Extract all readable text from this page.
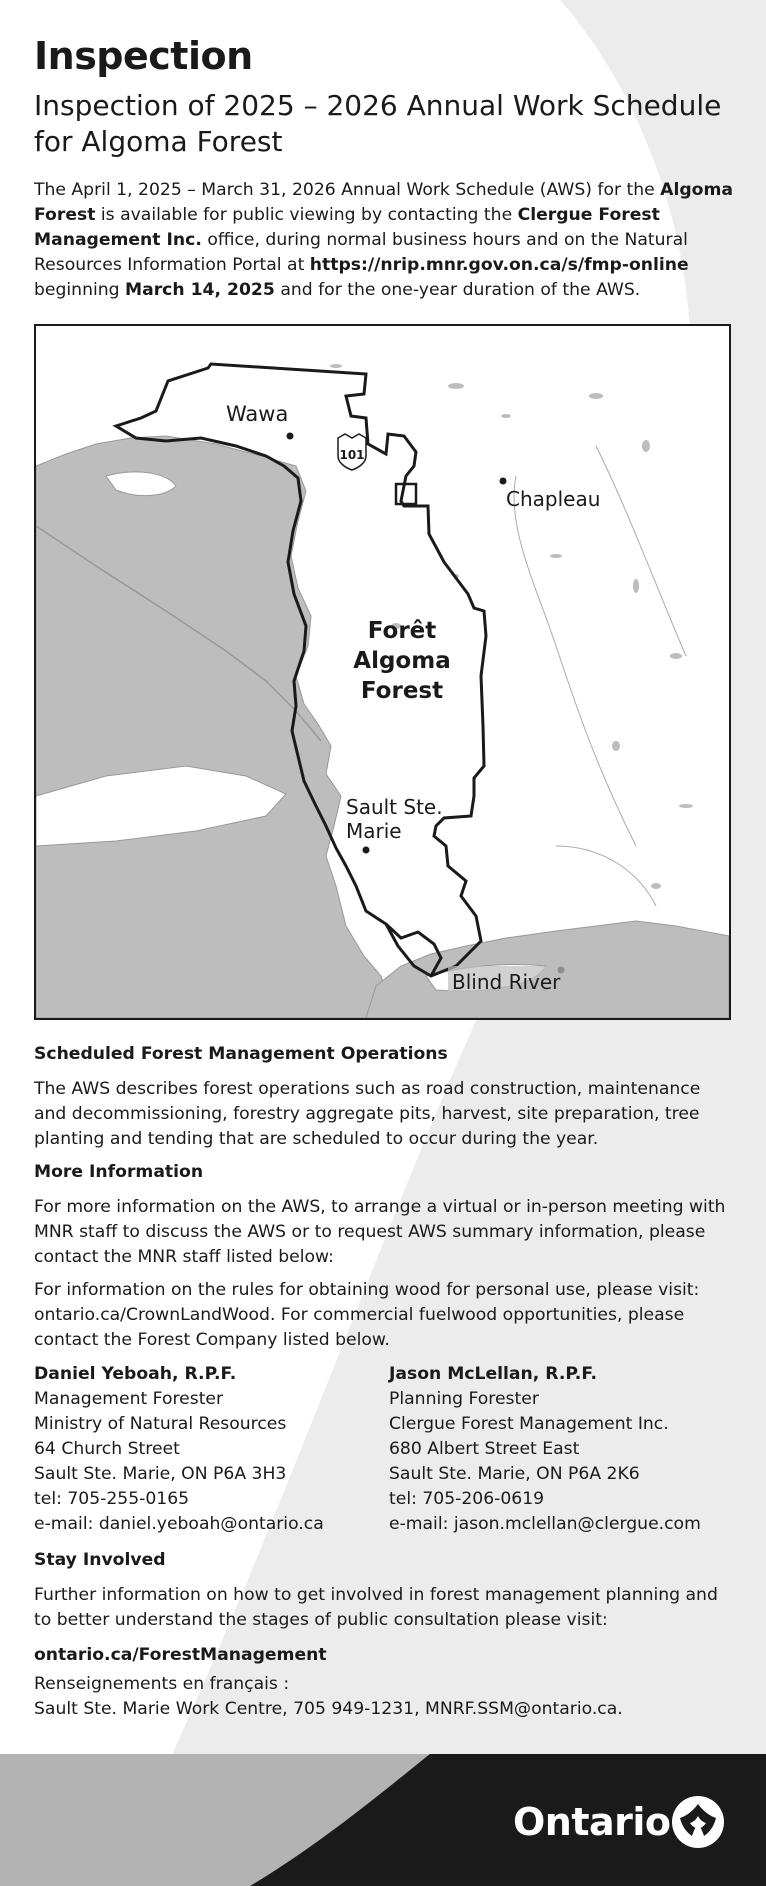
Inspection
Inspection of 2025 – 2026 Annual Work Schedule for Algoma Forest
The April 1, 2025 – March 31, 2026 Annual Work Schedule (AWS) for the Algoma Forest is available for public viewing by contacting the Clergue Forest Management Inc. office, during normal business hours and on the Natural Resources Information Portal at https://nrip.mnr.gov.on.ca/s/fmp-online beginning March 14, 2025 and for the one-year duration of the AWS.
101
Wawa
Chapleau
Forêt
Algoma
Forest
Sault Ste.
Marie
Blind River
Scheduled Forest Management Operations
The AWS describes forest operations such as road construction, maintenance and decommissioning, forestry aggregate pits, harvest, site preparation, tree planting and tending that are scheduled to occur during the year.
More Information
For more information on the AWS, to arrange a virtual or in-person meeting with MNR staff to discuss the AWS or to request AWS summary information, please contact the MNR staff listed below:
For information on the rules for obtaining wood for personal use, please visit: ontario.ca/CrownLandWood. For commercial fuelwood opportunities, please contact the Forest Company listed below.
Daniel Yeboah, R.P.F.
Management Forester
Ministry of Natural Resources
64 Church Street
Sault Ste. Marie, ON P6A 3H3
tel: 705-255-0165
e-mail: daniel.yeboah@ontario.ca
Jason McLellan, R.P.F.
Planning Forester
Clergue Forest Management Inc.
680 Albert Street East
Sault Ste. Marie, ON P6A 2K6
tel: 705-206-0619
e-mail: jason.mclellan@clergue.com
Stay Involved
Further information on how to get involved in forest management planning and to better understand the stages of public consultation please visit:
ontario.ca/ForestManagement
Renseignements en français :
Sault Ste. Marie Work Centre, 705 949-1231, MNRF.SSM@ontario.ca.
Ontario
